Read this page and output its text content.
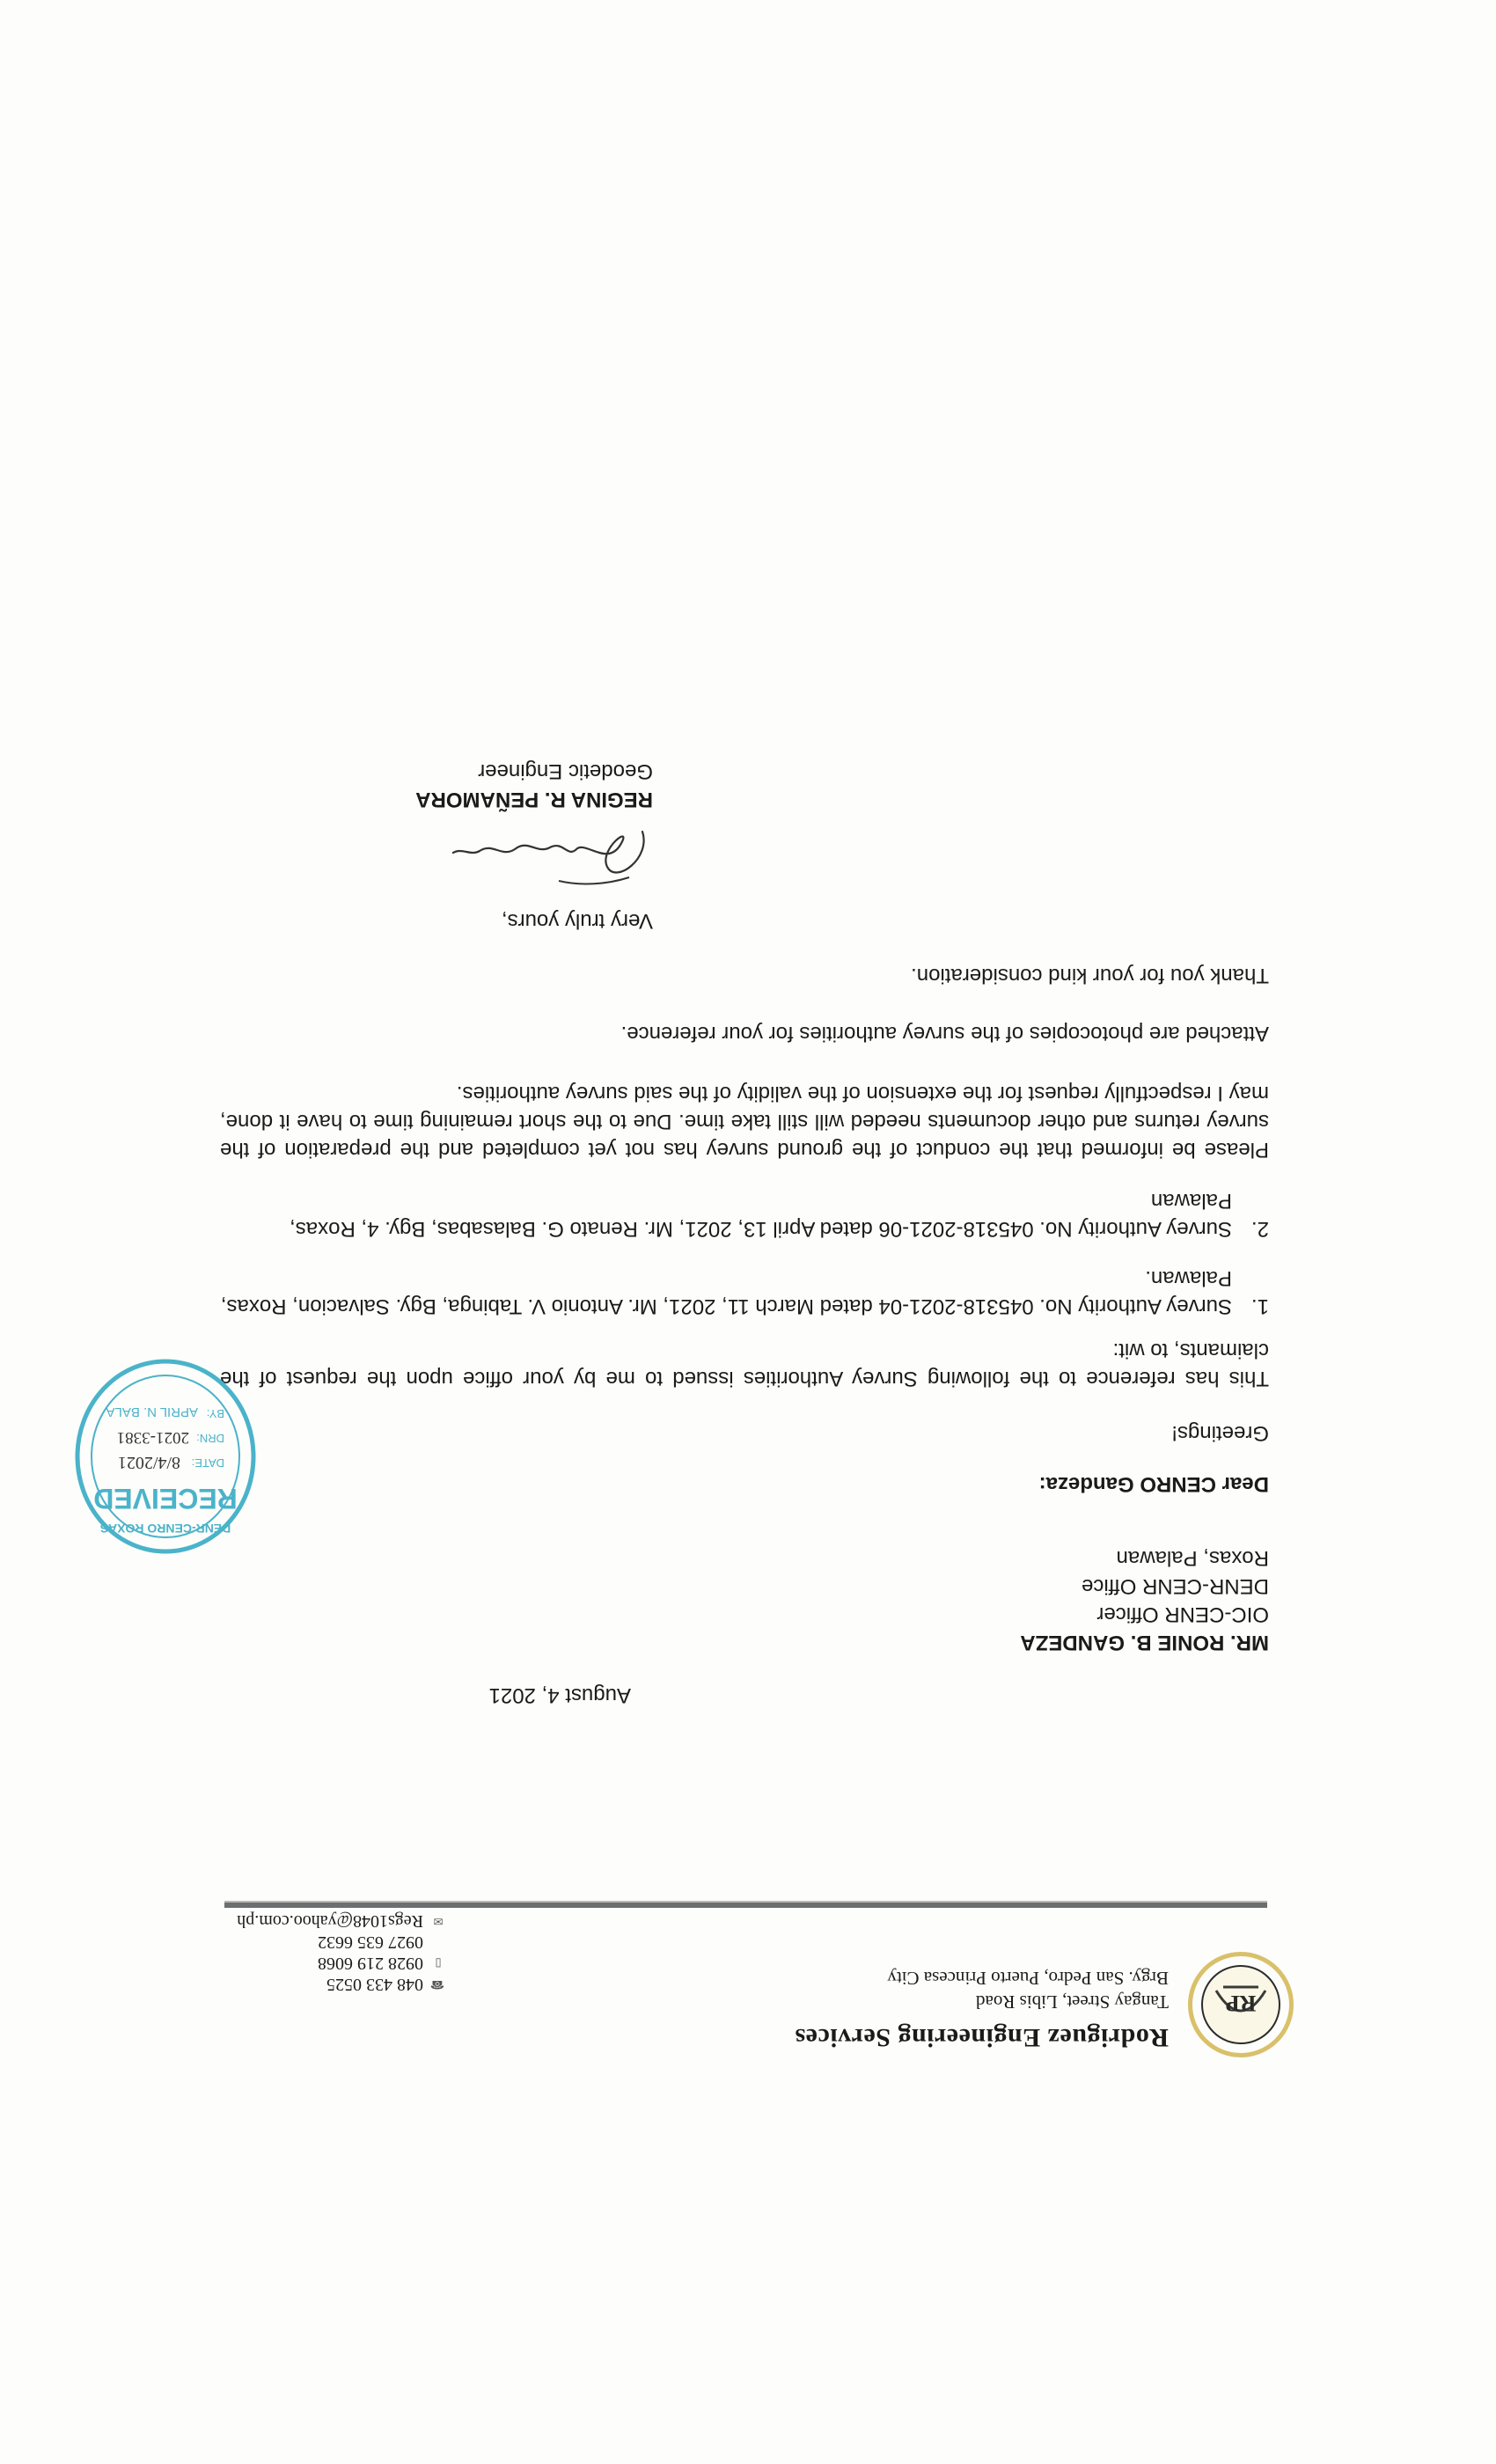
RP
Rodriguez Engineering Services
Tangay Street, Libis Road
Brgy. San Pedro, Puerto Princesa City
☎
048 433 0525
▯
0928 219 6068
0927 635 6632
✉
Regs1048@yahoo.com.ph
August 4, 2021
MR. RONIE B. GANDEZA
OIC-CENR Officer
DENR-CENR Office
Roxas, Palawan
Dear CENRO Gandeza:
Greetings!
This has reference to the following Survey Authorities issued to me by your office upon the request of the claimants, to wit:
1.
Survey Authority No. 045318-2021-04 dated March 11, 2021, Mr. Antonio V. Tabinga, Bgy. Salvacion, Roxas, Palawan.
2.
Survey Authority No. 045318-2021-06 dated April 13, 2021, Mr. Renato G. Balasabas, Bgy. 4, Roxas, Palawan
Please be informed that the conduct of the ground survey has not yet completed and the preparation of the survey returns and other documents needed will still take time. Due to the short remaining time to have it done, may I respectfully request for the extension of the validity of the said survey authorities.
Attached are photocopies of the survey authorities for your reference.
Thank you for your kind consideration.
Very truly yours,
REGINA R. PEÑAMORA
Geodetic Engineer
DENR-CENRO ROXAS
RECEIVED
DATE:
8/4/2021
DRN:
2021-3381
BY:
APRIL N. BALA
